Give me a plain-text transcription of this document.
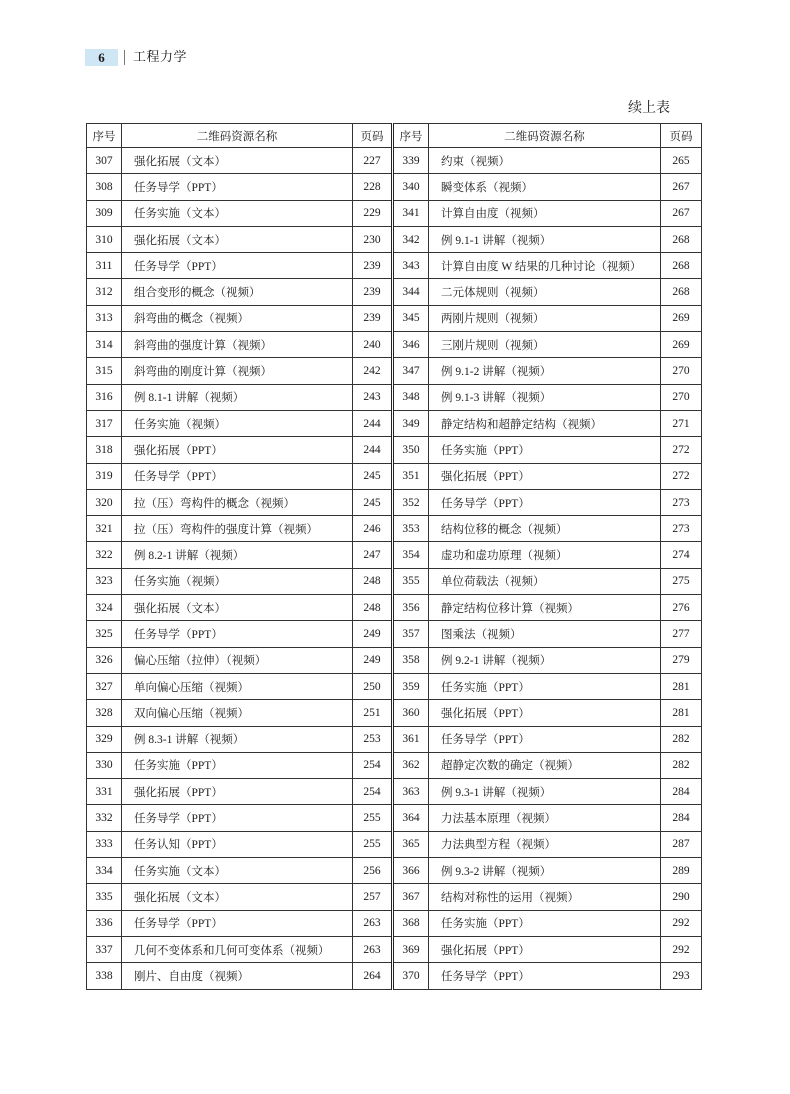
6	工程力学
续上表
序号	二维码资源名称	页码	序号	二维码资源名称	页码
307	强化拓展（文本）	227	339	约束（视频）	265
308	任务导学（PPT）	228	340	瞬变体系（视频）	267
309	任务实施（文本）	229	341	计算自由度（视频）	267
310	强化拓展（文本）	230	342	例 9.1-1 讲解（视频）	268
311	任务导学（PPT）	239	343	计算自由度 W 结果的几种讨论（视频）	268
312	组合变形的概念（视频）	239	344	二元体规则（视频）	268
313	斜弯曲的概念（视频）	239	345	两刚片规则（视频）	269
314	斜弯曲的强度计算（视频）	240	346	三刚片规则（视频）	269
315	斜弯曲的刚度计算（视频）	242	347	例 9.1-2 讲解（视频）	270
316	例 8.1-1 讲解（视频）	243	348	例 9.1-3 讲解（视频）	270
317	任务实施（视频）	244	349	静定结构和超静定结构（视频）	271
318	强化拓展（PPT）	244	350	任务实施（PPT）	272
319	任务导学（PPT）	245	351	强化拓展（PPT）	272
320	拉（压）弯构件的概念（视频）	245	352	任务导学（PPT）	273
321	拉（压）弯构件的强度计算（视频）	246	353	结构位移的概念（视频）	273
322	例 8.2-1 讲解（视频）	247	354	虚功和虚功原理（视频）	274
323	任务实施（视频）	248	355	单位荷载法（视频）	275
324	强化拓展（文本）	248	356	静定结构位移计算（视频）	276
325	任务导学（PPT）	249	357	图乘法（视频）	277
326	偏心压缩（拉伸）（视频）	249	358	例 9.2-1 讲解（视频）	279
327	单向偏心压缩（视频）	250	359	任务实施（PPT）	281
328	双向偏心压缩（视频）	251	360	强化拓展（PPT）	281
329	例 8.3-1 讲解（视频）	253	361	任务导学（PPT）	282
330	任务实施（PPT）	254	362	超静定次数的确定（视频）	282
331	强化拓展（PPT）	254	363	例 9.3-1 讲解（视频）	284
332	任务导学（PPT）	255	364	力法基本原理（视频）	284
333	任务认知（PPT）	255	365	力法典型方程（视频）	287
334	任务实施（文本）	256	366	例 9.3-2 讲解（视频）	289
335	强化拓展（文本）	257	367	结构对称性的运用（视频）	290
336	任务导学（PPT）	263	368	任务实施（PPT）	292
337	几何不变体系和几何可变体系（视频）	263	369	强化拓展（PPT）	292
338	刚片、自由度（视频）	264	370	任务导学（PPT）	293
